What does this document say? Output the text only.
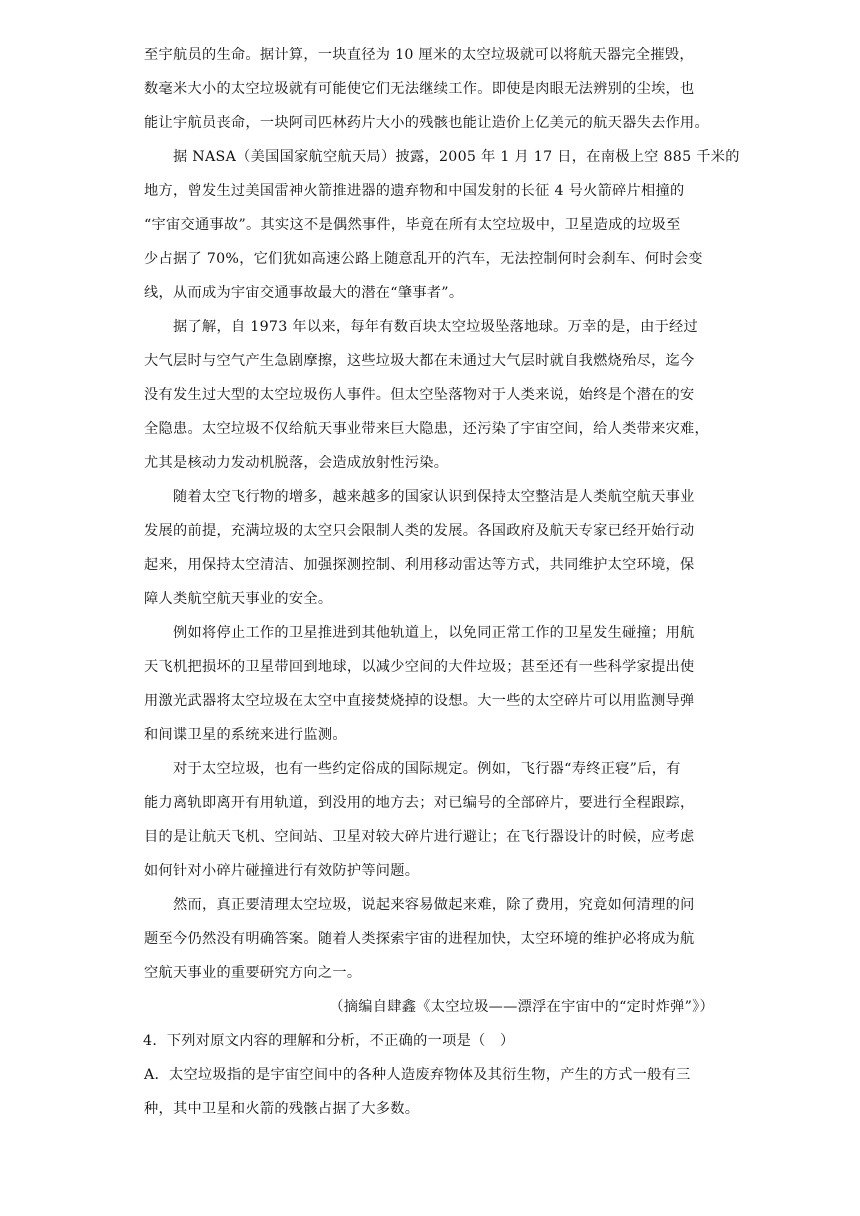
至宇航员的生命。据计算，一块直径为 10 厘米的太空垃圾就可以将航天器完全摧毁，
数毫米大小的太空垃圾就有可能使它们无法继续工作。即使是肉眼无法辨别的尘埃，也
能让宇航员丧命，一块阿司匹林药片大小的残骸也能让造价上亿美元的航天器失去作用。
据 NASA（美国国家航空航天局）披露，2005 年 1 月 17 日，在南极上空 885 千米的
地方，曾发生过美国雷神火箭推进器的遗弃物和中国发射的长征 4 号火箭碎片相撞的
“宇宙交通事故”。其实这不是偶然事件，毕竟在所有太空垃圾中，卫星造成的垃圾至
少占据了 70%，它们犹如高速公路上随意乱开的汽车，无法控制何时会刹车、何时会变
线，从而成为宇宙交通事故最大的潜在“肇事者”。
据了解，自 1973 年以来，每年有数百块太空垃圾坠落地球。万幸的是，由于经过
大气层时与空气产生急剧摩擦，这些垃圾大都在未通过大气层时就自我燃烧殆尽，迄今
没有发生过大型的太空垃圾伤人事件。但太空坠落物对于人类来说，始终是个潜在的安
全隐患。太空垃圾不仅给航天事业带来巨大隐患，还污染了宇宙空间，给人类带来灾难，
尤其是核动力发动机脱落，会造成放射性污染。
随着太空飞行物的增多，越来越多的国家认识到保持太空整洁是人类航空航天事业
发展的前提，充满垃圾的太空只会限制人类的发展。各国政府及航天专家已经开始行动
起来，用保持太空清洁、加强探测控制、利用移动雷达等方式，共同维护太空环境，保
障人类航空航天事业的安全。
例如将停止工作的卫星推进到其他轨道上，以免同正常工作的卫星发生碰撞；用航
天飞机把损坏的卫星带回到地球，以减少空间的大件垃圾；甚至还有一些科学家提出使
用激光武器将太空垃圾在太空中直接焚烧掉的设想。大一些的太空碎片可以用监测导弹
和间谍卫星的系统来进行监测。
对于太空垃圾，也有一些约定俗成的国际规定。例如，飞行器“寿终正寝”后，有
能力离轨即离开有用轨道，到没用的地方去；对已编号的全部碎片，要进行全程跟踪，
目的是让航天飞机、空间站、卫星对较大碎片进行避让；在飞行器设计的时候，应考虑
如何针对小碎片碰撞进行有效防护等问题。
然而，真正要清理太空垃圾，说起来容易做起来难，除了费用，究竟如何清理的问
题至今仍然没有明确答案。随着人类探索宇宙的进程加快，太空环境的维护必将成为航
空航天事业的重要研究方向之一。
（摘编自肆鑫《太空垃圾——漂浮在宇宙中的“定时炸弹”》）
4．下列对原文内容的理解和分析，不正确的一项是（　）
A．太空垃圾指的是宇宙空间中的各种人造废弃物体及其衍生物，产生的方式一般有三
种，其中卫星和火箭的残骸占据了大多数。
